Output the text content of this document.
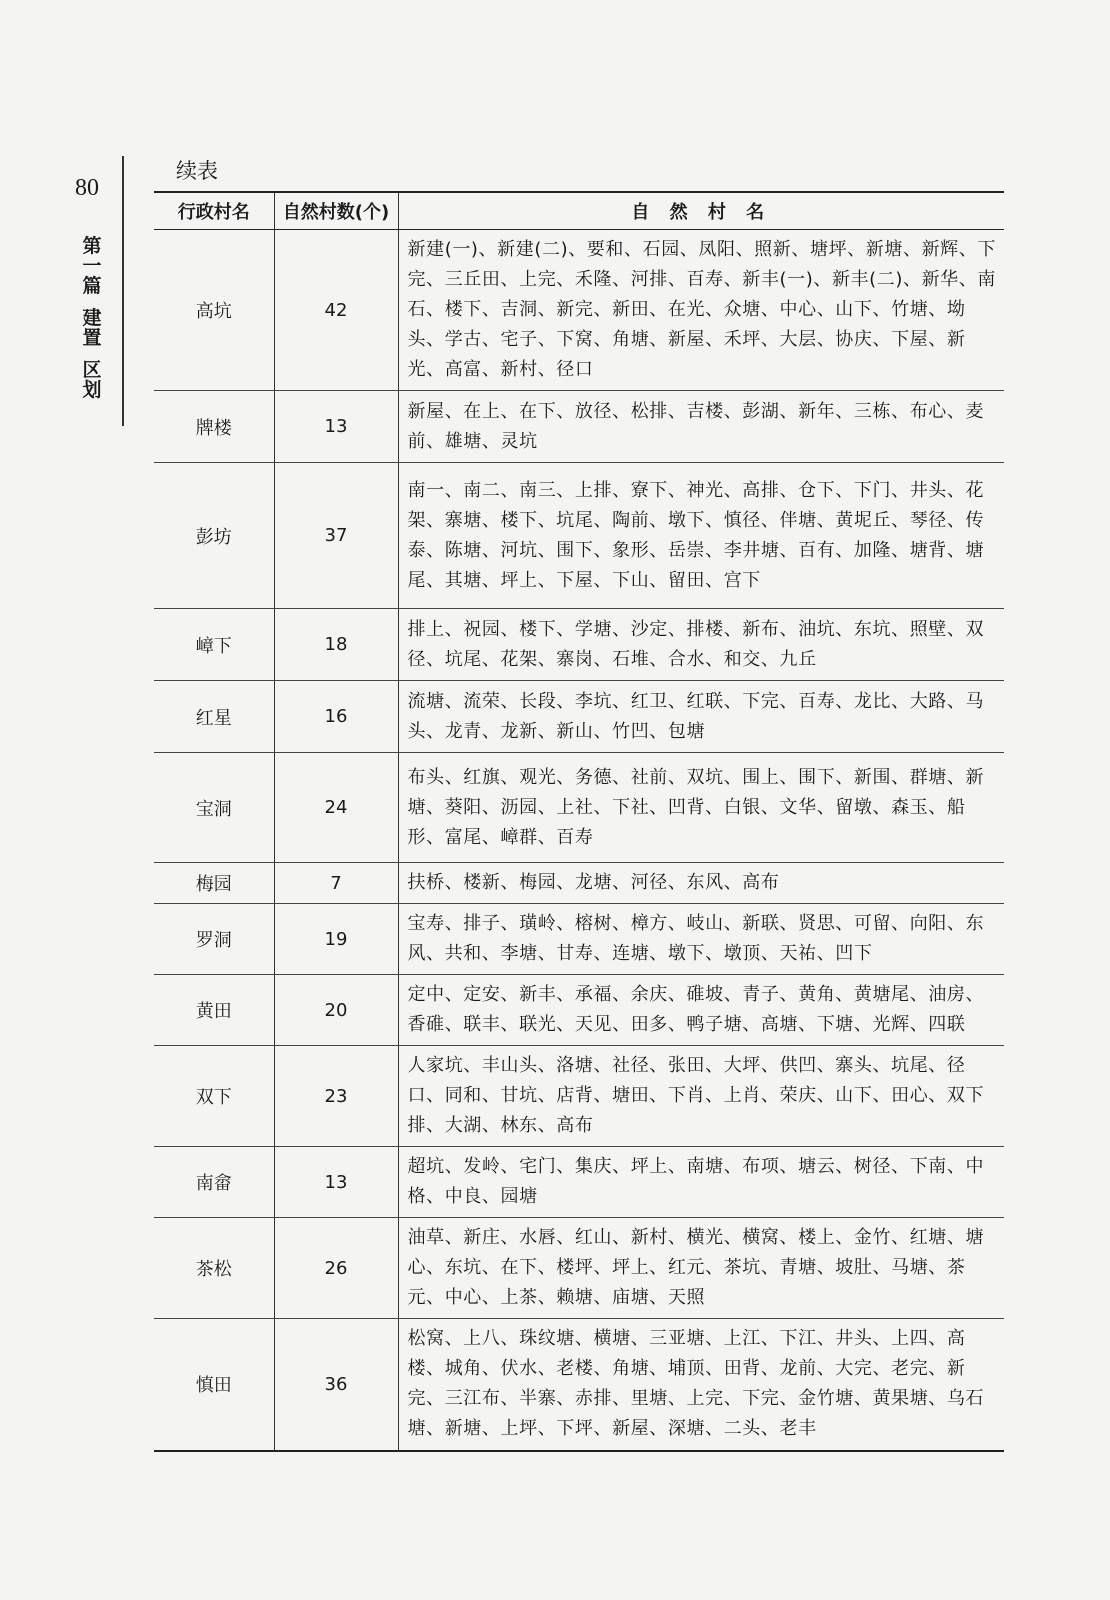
80
第一篇
建置
区划
续表
行政村名	自然村数(个)	自 然 村 名
高坑	42	新建(一)、新建(二)、要和、石园、凤阳、照新、塘坪、新塘、新辉、下完、三丘田、上完、禾隆、河排、百寿、新丰(一)、新丰(二)、新华、南石、楼下、吉洞、新完、新田、在光、众塘、中心、山下、竹塘、坳头、学古、宅子、下窝、角塘、新屋、禾坪、大层、协庆、下屋、新光、高富、新村、径口
牌楼	13	新屋、在上、在下、放径、松排、吉楼、彭湖、新年、三栋、布心、麦前、雄塘、灵坑
彭坊	37	南一、南二、南三、上排、寮下、神光、高排、仓下、下门、井头、花架、寨塘、楼下、坑尾、陶前、墩下、慎径、伴塘、黄坭丘、琴径、传泰、陈塘、河坑、围下、象形、岳崇、李井塘、百有、加隆、塘背、塘尾、其塘、坪上、下屋、下山、留田、宫下
嶂下	18	排上、祝园、楼下、学塘、沙定、排楼、新布、油坑、东坑、照壁、双径、坑尾、花架、寨岗、石堆、合水、和交、九丘
红星	16	流塘、流荣、长段、李坑、红卫、红联、下完、百寿、龙比、大路、马头、龙青、龙新、新山、竹凹、包塘
宝洞	24	布头、红旗、观光、务德、社前、双坑、围上、围下、新围、群塘、新塘、葵阳、沥园、上社、下社、凹背、白银、文华、留墩、森玉、船形、富尾、嶂群、百寿
梅园	7	扶桥、楼新、梅园、龙塘、河径、东风、高布
罗洞	19	宝寿、排子、璜岭、榕树、樟方、岐山、新联、贤思、可留、向阳、东风、共和、李塘、甘寿、连塘、墩下、墩顶、天祐、凹下
黄田	20	定中、定安、新丰、承福、余庆、碓坡、青子、黄角、黄塘尾、油房、香碓、联丰、联光、天见、田多、鸭子塘、高塘、下塘、光辉、四联
双下	23	人家坑、丰山头、洛塘、社径、张田、大坪、供凹、寨头、坑尾、径口、同和、甘坑、店背、塘田、下肖、上肖、荣庆、山下、田心、双下排、大湖、林东、高布
南畲	13	超坑、发岭、宅门、集庆、坪上、南塘、布项、塘云、树径、下南、中格、中良、园塘
茶松	26	油草、新庄、水唇、红山、新村、横光、横窝、楼上、金竹、红塘、塘心、东坑、在下、楼坪、坪上、红元、茶坑、青塘、坡肚、马塘、茶元、中心、上茶、赖塘、庙塘、天照
慎田	36	松窝、上八、珠纹塘、横塘、三亚塘、上江、下江、井头、上四、高楼、城角、伏水、老楼、角塘、埔顶、田背、龙前、大完、老完、新完、三江布、半寨、赤排、里塘、上完、下完、金竹塘、黄果塘、乌石塘、新塘、上坪、下坪、新屋、深塘、二头、老丰
